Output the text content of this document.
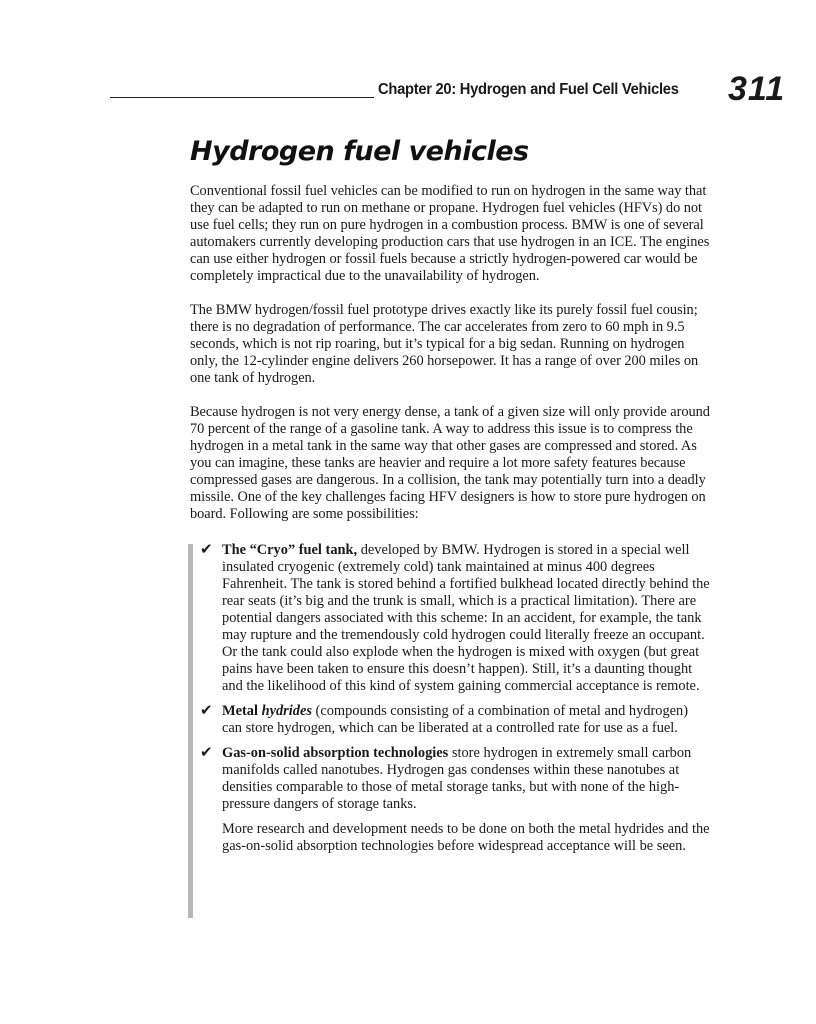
Chapter 20: Hydrogen and Fuel Cell Vehicles 311
Hydrogen fuel vehicles

Conventional fossil fuel vehicles can be modified to run on hydrogen in the same way that they can be adapted to run on methane or propane. Hydrogen fuel vehicles (HFVs) do not use fuel cells; they run on pure hydrogen in a combustion process. BMW is one of several automakers currently developing production cars that use hydrogen in an ICE. The engines can use either hydrogen or fossil fuels because a strictly hydrogen-powered car would be completely impractical due to the unavailability of hydrogen.

The BMW hydrogen/fossil fuel prototype drives exactly like its purely fossil fuel cousin; there is no degradation of performance. The car accelerates from zero to 60 mph in 9.5 seconds, which is not rip roaring, but it’s typical for a big sedan. Running on hydrogen only, the 12-cylinder engine delivers 260 horsepower. It has a range of over 200 miles on one tank of hydrogen.

Because hydrogen is not very energy dense, a tank of a given size will only provide around 70 percent of the range of a gasoline tank. A way to address this issue is to compress the hydrogen in a metal tank in the same way that other gases are compressed and stored. As you can imagine, these tanks are heavier and require a lot more safety features because compressed gases are dangerous. In a collision, the tank may potentially turn into a deadly missile. One of the key challenges facing HFV designers is how to store pure hydrogen on board. Following are some possibilities:

✔ The “Cryo” fuel tank, developed by BMW. Hydrogen is stored in a special well insulated cryogenic (extremely cold) tank maintained at minus 400 degrees Fahrenheit. The tank is stored behind a fortified bulkhead located directly behind the rear seats (it’s big and the trunk is small, which is a practical limitation). There are potential dangers associated with this scheme: In an accident, for example, the tank may rupture and the tremendously cold hydrogen could literally freeze an occupant. Or the tank could also explode when the hydrogen is mixed with oxygen (but great pains have been taken to ensure this doesn’t happen). Still, it’s a daunting thought and the likelihood of this kind of system gaining commercial acceptance is remote.
✔ Metal hydrides (compounds consisting of a combination of metal and hydrogen) can store hydrogen, which can be liberated at a controlled rate for use as a fuel.
✔ Gas-on-solid absorption technologies store hydrogen in extremely small carbon manifolds called nanotubes. Hydrogen gas condenses within these nanotubes at densities comparable to those of metal storage tanks, but with none of the high-pressure dangers of storage tanks.
More research and development needs to be done on both the metal hydrides and the gas-on-solid absorption technologies before widespread acceptance will be seen.
